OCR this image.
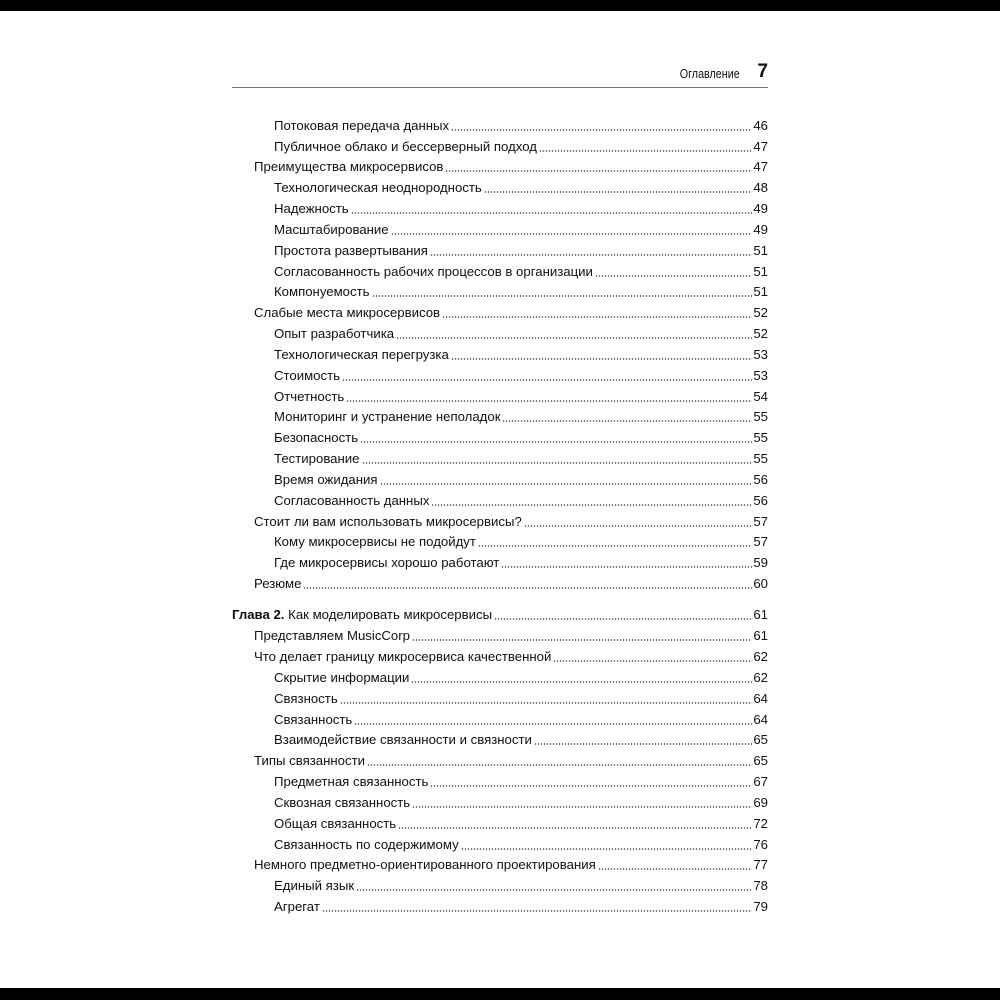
Оглавление 7
Потоковая передача данных	46
Публичное облако и бессерверный подход	47
Преимущества микросервисов	47
Технологическая неоднородность	48
Надежность	49
Масштабирование	49
Простота развертывания	51
Согласованность рабочих процессов в организации	51
Компонуемость	51
Слабые места микросервисов	52
Опыт разработчика	52
Технологическая перегрузка	53
Стоимость	53
Отчетность	54
Мониторинг и устранение неполадок	55
Безопасность	55
Тестирование	55
Время ожидания	56
Согласованность данных	56
Стоит ли вам использовать микросервисы?	57
Кому микросервисы не подойдут	57
Где микросервисы хорошо работают	59
Резюме	60
Глава 2. Как моделировать микросервисы	61
Представляем MusicCorp	61
Что делает границу микросервиса качественной	62
Скрытие информации	62
Связность	64
Связанность	64
Взаимодействие связанности и связности	65
Типы связанности	65
Предметная связанность	67
Сквозная связанность	69
Общая связанность	72
Связанность по содержимому	76
Немного предметно-ориентированного проектирования	77
Единый язык	78
Агрегат	79
